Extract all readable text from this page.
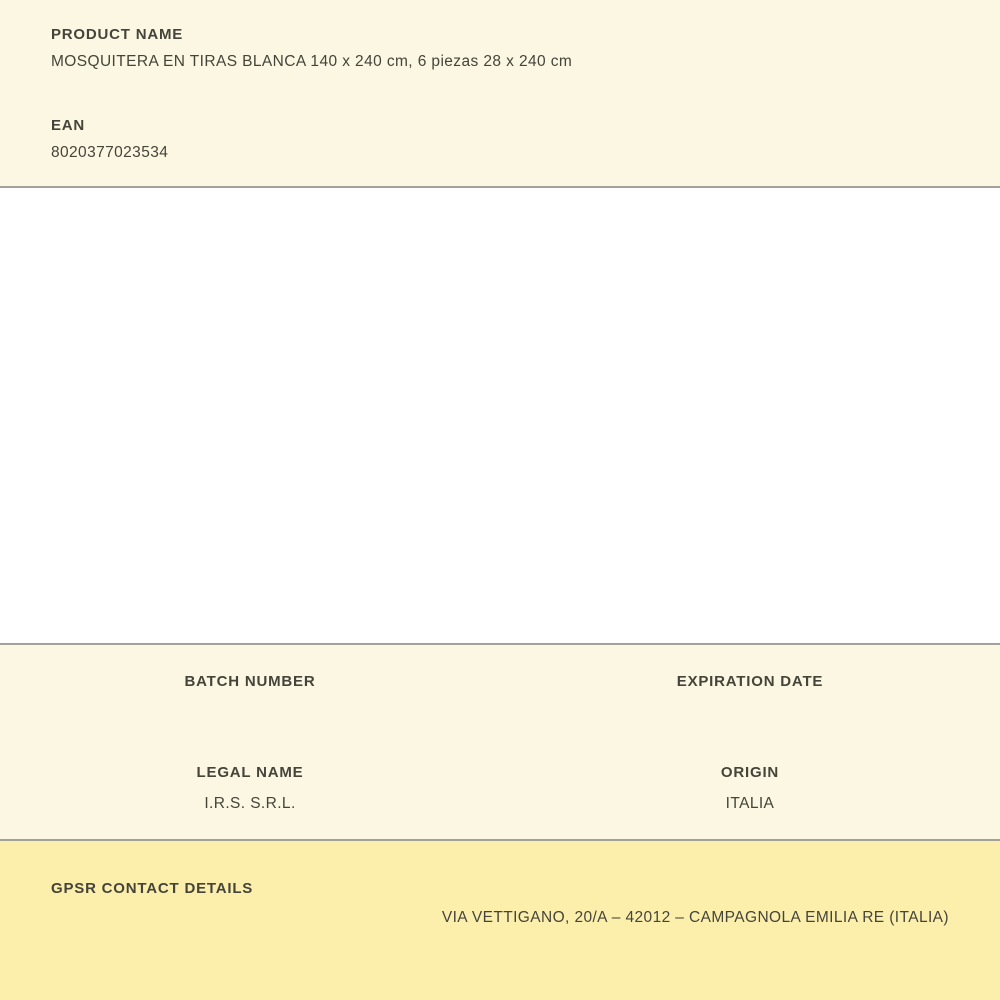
PRODUCT NAME
MOSQUITERA EN TIRAS BLANCA 140 x 240 cm, 6 piezas 28 x 240 cm
EAN
8020377023534
BATCH NUMBER	EXPIRATION DATE
LEGAL NAME
I.R.S. S.R.L.
ORIGIN
ITALIA
GPSR CONTACT DETAILS
VIA VETTIGANO, 20/A – 42012 – CAMPAGNOLA EMILIA RE (ITALIA)
